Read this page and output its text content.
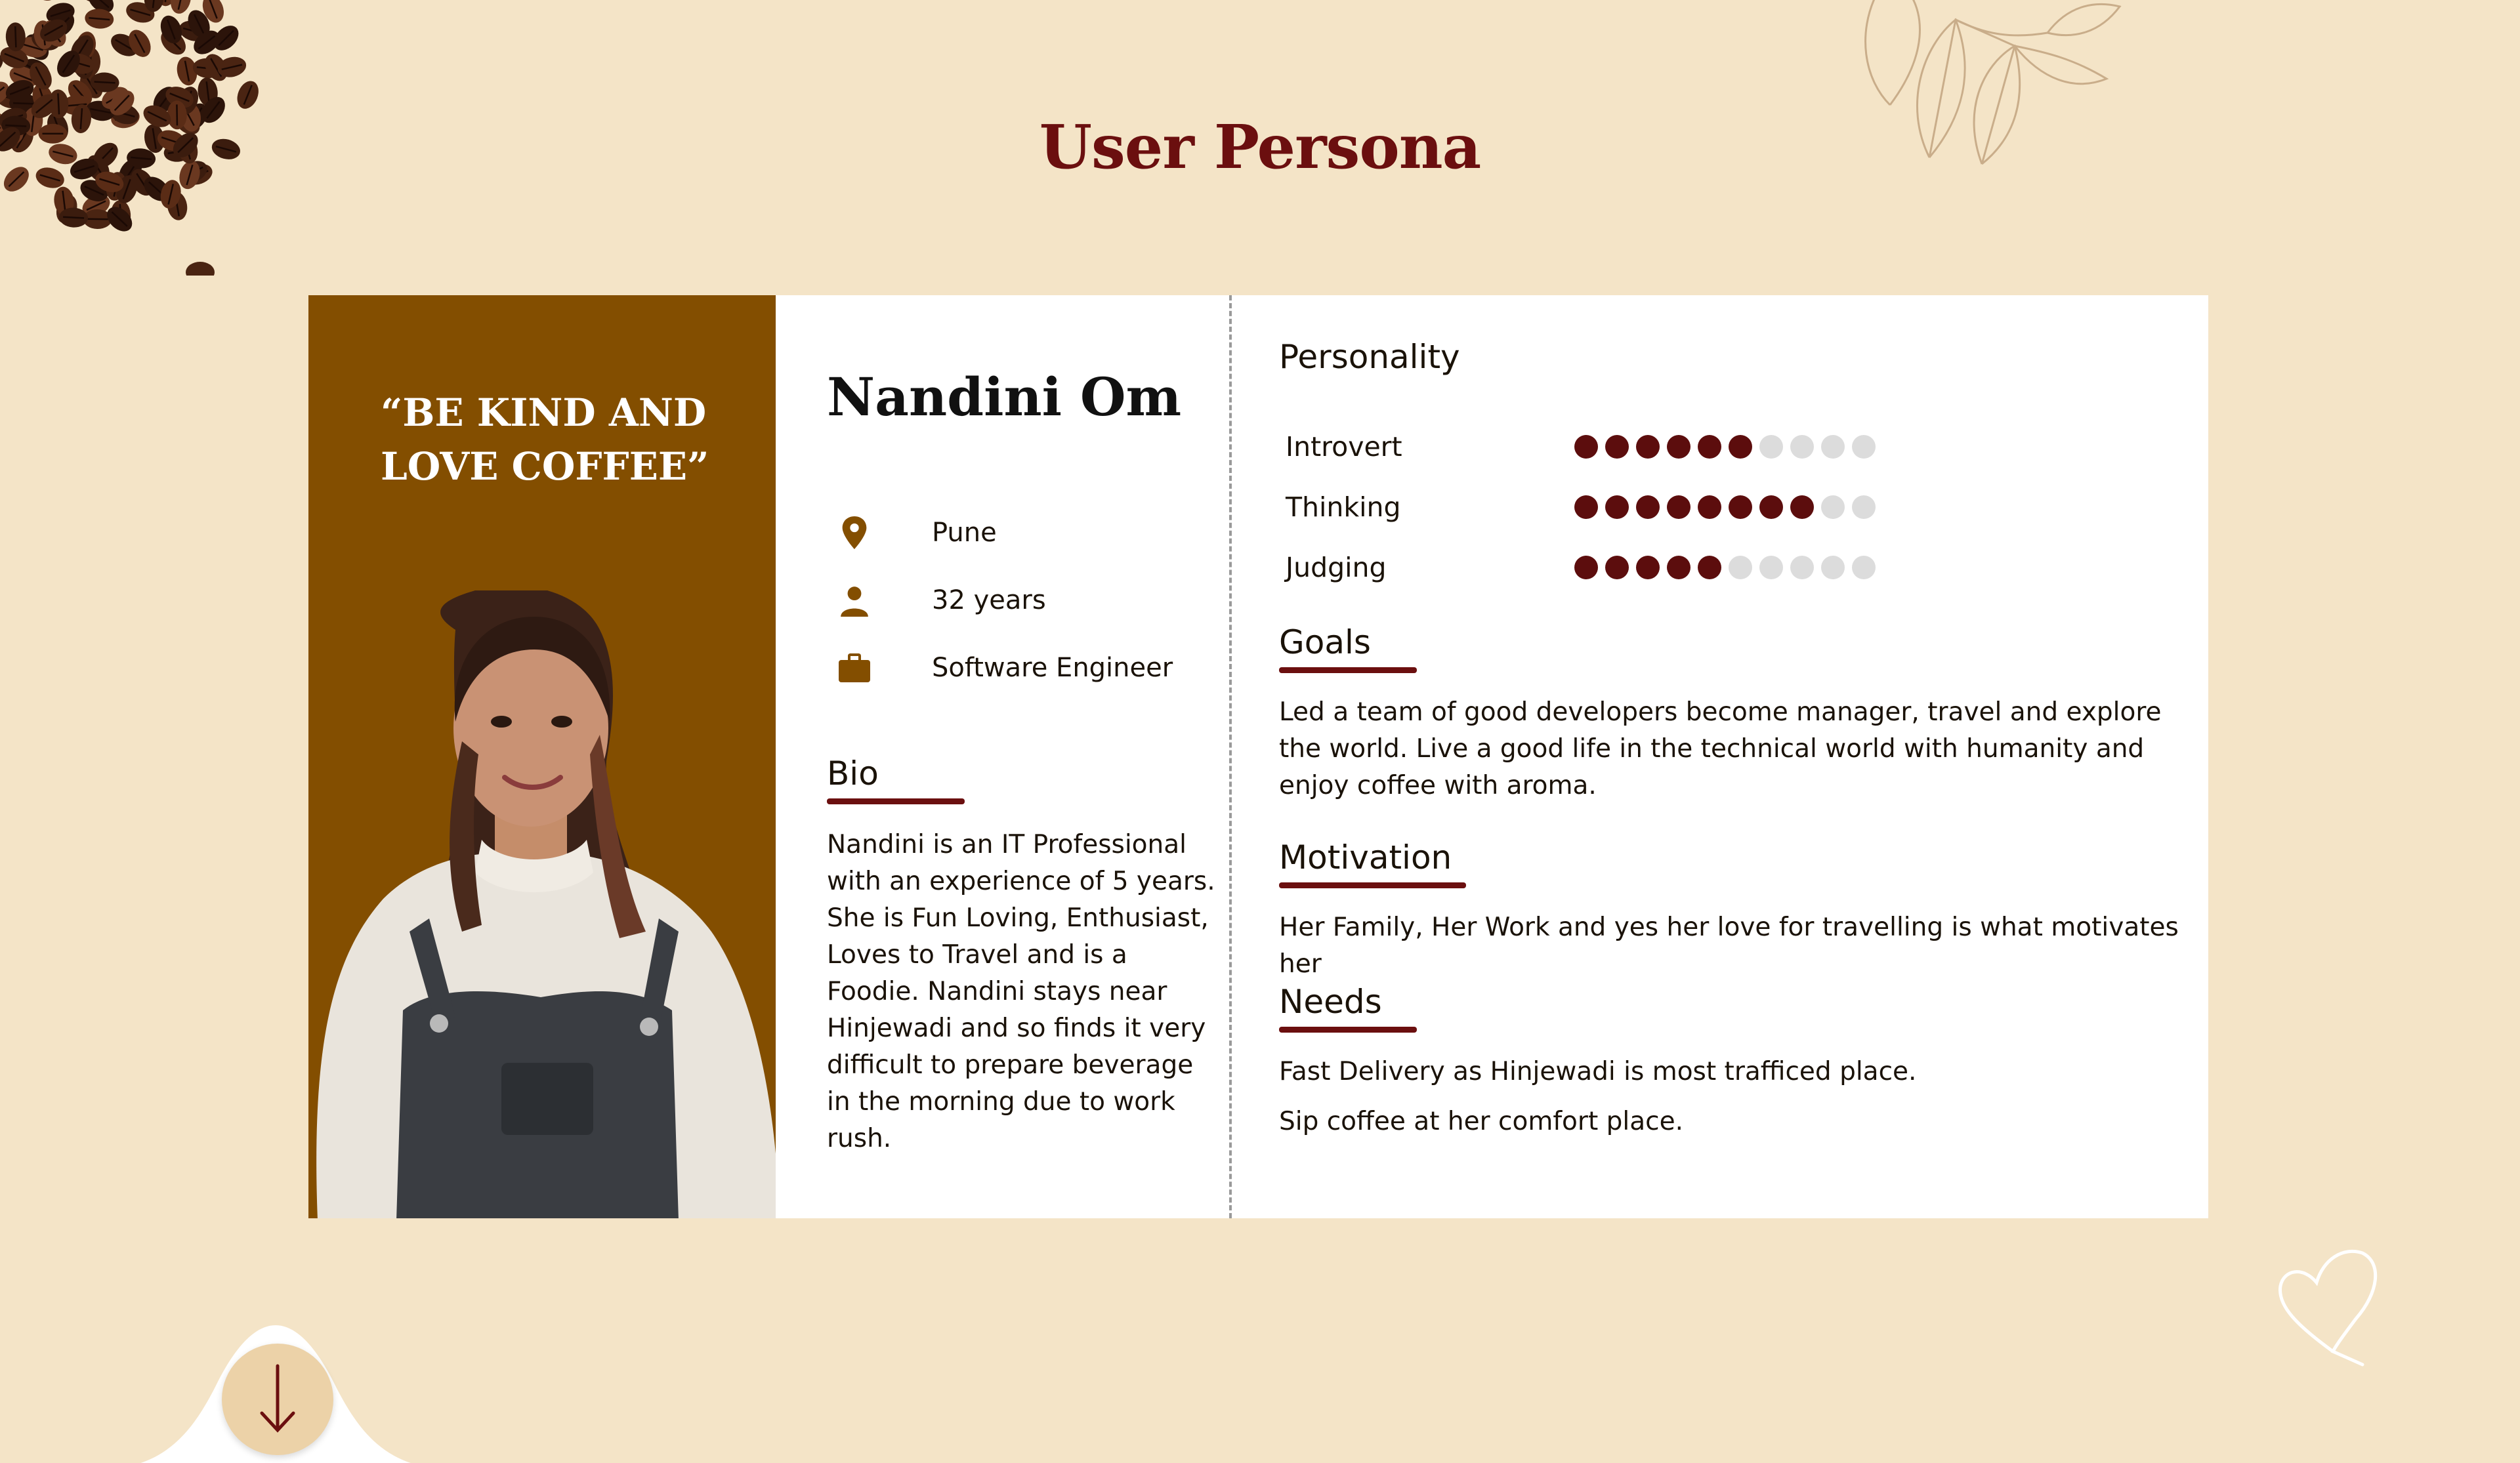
User Persona
“BE KIND AND LOVE COFFEE”
Nandini Om
Pune
32 years
Software Engineer
Bio

Nandini is an IT Professional with an experience of 5 years. She is Fun Loving, Enthusiast, Loves to Travel and is a Foodie. Nandini stays near Hinjewadi and so finds it very difficult to prepare beverage in the morning due to work rush.

Personality
Introvert
Thinking
Judging
Goals

Led a team of good developers become manager, travel and explore the world. Live a good life in the technical world with humanity and enjoy coffee with aroma.

Motivation

Her Family, Her Work and yes her love for travelling is what motivates her

Needs

Fast Delivery as Hinjewadi is most trafficed place.

Sip coffee at her comfort place.
